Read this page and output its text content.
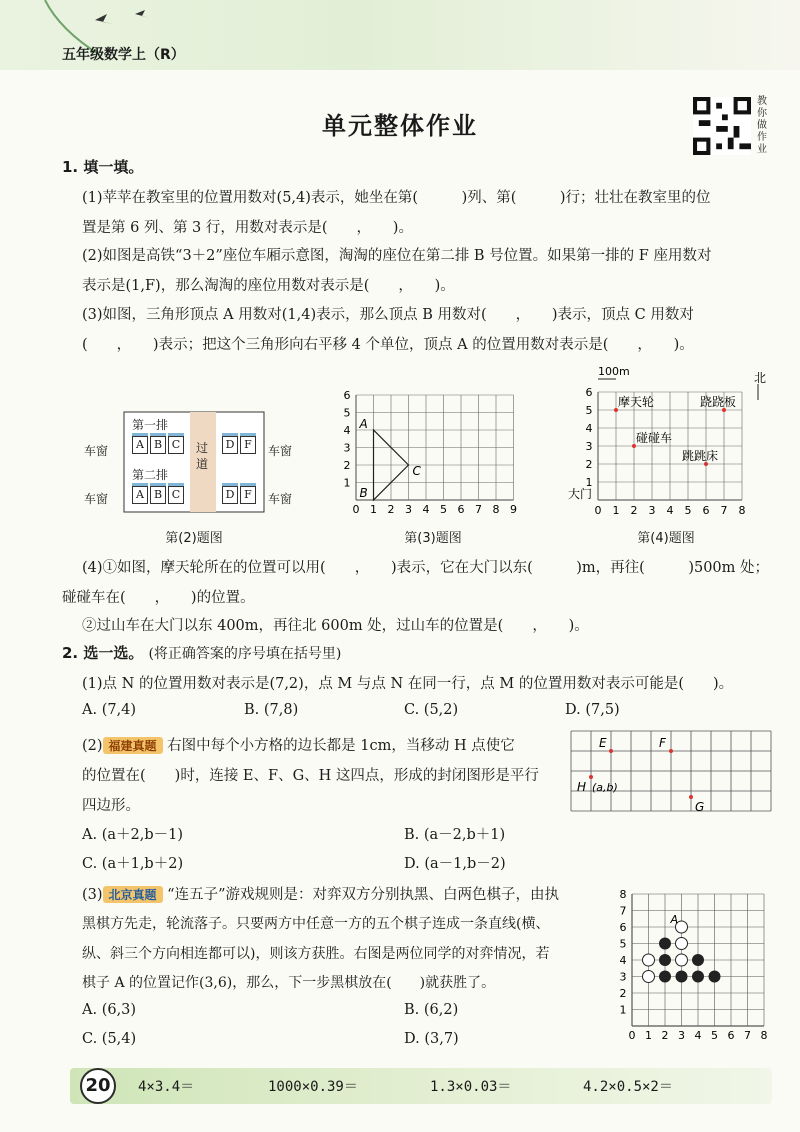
五年级数学上（R）
单元整体作业
教你做作业
1. 填一填。
(1)苹苹在教室里的位置用数对(5,4)表示，她坐在第(　　　)列、第(　　　)行；壮壮在教室里的位
置是第 6 列、第 3 行，用数对表示是(　　，　　)。
(2)如图是高铁“3＋2”座位车厢示意图，淘淘的座位在第二排 B 号位置。如果第一排的 F 座用数对
表示是(1,F)，那么淘淘的座位用数对表示是(　　，　　)。
(3)如图，三角形顶点 A 用数对(1,4)表示，那么顶点 B 用数对(　　，　　)表示，顶点 C 用数对
(　　，　　)表示；把这个三角形向右平移 4 个单位，顶点 A 的位置用数对表示是(　　，　　)。
第一排
第二排
过道
车窗
车窗
车窗
车窗
A B C	D F
A B C	D F
第(2)题图
0 1 2 3 4 5 6 7 8 9
1
2
3
4
5
6
A
B
C
第(3)题图
0 1 2 3 4 5 6 7 8
1
2
3
4
5
6
100m	北
大门
摩天轮	跷跷板
碰碰车
跳跳床
第(4)题图
(4)①如图，摩天轮所在的位置可以用(　　，　　)表示，它在大门以东(　　　)m，再往(　　　)500m 处；
碰碰车在(　　，　　)的位置。
②过山车在大门以东 400m，再往北 600m 处，过山车的位置是(　　，　　)。
2. 选一选。 (将正确答案的序号填在括号里)
(1)点 N 的位置用数对表示是(7,2)，点 M 与点 N 在同一行，点 M 的位置用数对表示可能是(　　)。
A. (7,4)	B. (7,8)	C. (5,2)	D. (7,5)
(2) 福建真题 右图中每个小方格的边长都是 1cm，当移动 H 点使它
的位置在(　　)时，连接 E、F、G、H 这四点，形成的封闭图形是平行
四边形。
A. (a＋2,b－1)	B. (a－2,b＋1)
C. (a＋1,b＋2)	D. (a－1,b－2)
E	F
H
G
(a,b)
(3) 北京真题 “连五子”游戏规则是：对弈双方分别执黑、白两色棋子，由执
黑棋方先走，轮流落子。只要两方中任意一方的五个棋子连成一条直线(横、
纵、斜三个方向相连都可以)，则该方获胜。右图是两位同学的对弈情况，若
棋子 A 的位置记作(3,6)，那么，下一步黑棋放在(　　)就获胜了。
A. (6,3)	B. (6,2)
C. (5,4)	D. (3,7)	0 1 2 3 4 5 6 7 8
1
2
3
4
5
6
7
8
A
20	4×3.4＝	1000×0.39＝	1.3×0.03＝	4.2×0.5×2＝
